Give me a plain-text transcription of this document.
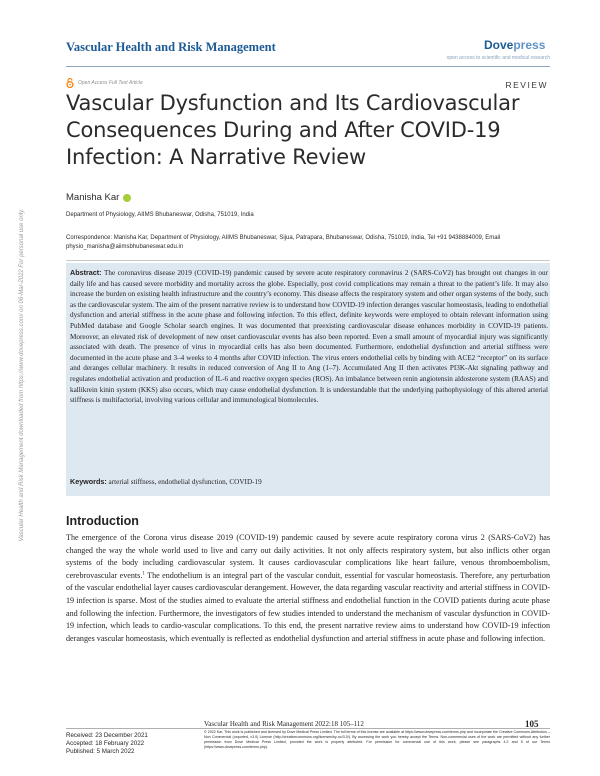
Vascular Health and Risk Management	Dovepress
open access to scientific and medical research
Open Access Full Text Article	REVIEW
Vascular Dysfunction and Its Cardiovascular Consequences During and After COVID-19 Infection: A Narrative Review
Manisha Kar
Department of Physiology, AIIMS Bhubaneswar, Odisha, 751019, India
Correspondence: Manisha Kar, Department of Physiology, AIIMS Bhubaneswar, Sijua, Patrapara, Bhubaneswar, Odisha, 751019, India, Tel +91 9438884009, Email physio_manisha@aiimsbhubaneswar.edu.in

Abstract: The coronavirus disease 2019 (COVID-19) pandemic caused by severe acute respiratory coronavirus 2 (SARS-CoV2) has brought out changes in our daily life and has caused severe morbidity and mortality across the globe. Especially, post covid complications may remain a threat to the patient’s life. It may also increase the burden on existing health infrastructure and the country’s economy. This disease affects the respiratory system and other organ systems of the body, such as the cardiovascular system. The aim of the present narrative review is to understand how COVID-19 infection deranges vascular homeostasis, leading to endothelial dysfunction and arterial stiffness in the acute phase and following infection. To this effect, definite keywords were employed to obtain relevant information using PubMed database and Google Scholar search engines. It was documented that preexisting cardiovascular disease enhances morbidity in COVID-19 patients. Moreover, an elevated risk of development of new onset cardiovascular events has also been reported. Even a small amount of myocardial injury was significantly associated with death. The presence of virus in myocardial cells has also been documented. Furthermore, endothelial dysfunction and arterial stiffness were documented in the acute phase and 3–4 weeks to 4 months after COVID infection. The virus enters endothelial cells by binding with ACE2 “receptor” on its surface and deranges cellular machinery. It results in reduced conversion of Ang II to Ang (1–7). Accumulated Ang II then activates PI3K-Akt signaling pathway and regulates endothelial activation and production of IL-6 and reactive oxygen species (ROS). An imbalance between renin angiotensin aldosterone system (RAAS) and kallikrein kinin system (KKS) also occurs, which may cause endothelial dysfunction. It is understandable that the underlying pathophysiology of this altered arterial stiffness is multifactorial, involving various cellular and immunological biomolecules.

Keywords: arterial stiffness, endothelial dysfunction, COVID-19
Vascular Health and Risk Management downloaded from https://www.dovepress.com/ on 06-Mar-2022 For personal use only.	Introduction

The emergence of the Corona virus disease 2019 (COVID-19) pandemic caused by severe acute respiratory corona virus 2 (SARS-CoV2) has changed the way the whole world used to live and carry out daily activities. It not only affects respiratory system, but also inflicts other organ systems of the body including cardiovascular system. It causes cardiovascular complications like heart failure, venous thromboembolism, cerebrovascular events.$^1$ The endothelium is an integral part of the vascular conduit, essential for vascular homeostasis. Therefore, any perturbation of the vascular endothelial layer causes cardiovascular derangement. However, the data regarding vascular reactivity and arterial stiffness in COVID-19 infection is sparse. Most of the studies aimed to evaluate the arterial stiffness and endothelial function in the COVID patients during acute phase and following the infection. Furthermore, the investigators of few studies intended to understand the mechanism of vascular dysfunction in COVID-19 infection, which leads to cardio-vascular complications. To this end, the present narrative review aims to understand how COVID-19 infection deranges vascular homeostasis, which eventually is reflected as endothelial dysfunction and arterial stiffness in acute phase and following infection.

Vascular Health and Risk Management 2022:18 105–112	105
Received: 23 December 2021
Accepted: 18 February 2022
Published: 5 March 2022
© 2022 Kar. This work is published and licensed by Dove Medical Press Limited. The full terms of this license are available at https://www.dovepress.com/terms.php and incorporate the Creative Commons Attribution – Non Commercial (unported, v3.0) License (http://creativecommons.org/licenses/by-nc/3.0/). By accessing the work you hereby accept the Terms. Non-commercial uses of the work are permitted without any further permission from Dove Medical Press Limited, provided the work is properly attributed. For permission for commercial use of this work, please see paragraphs 4.2 and 5 of our Terms (https://www.dovepress.com/terms.php).
